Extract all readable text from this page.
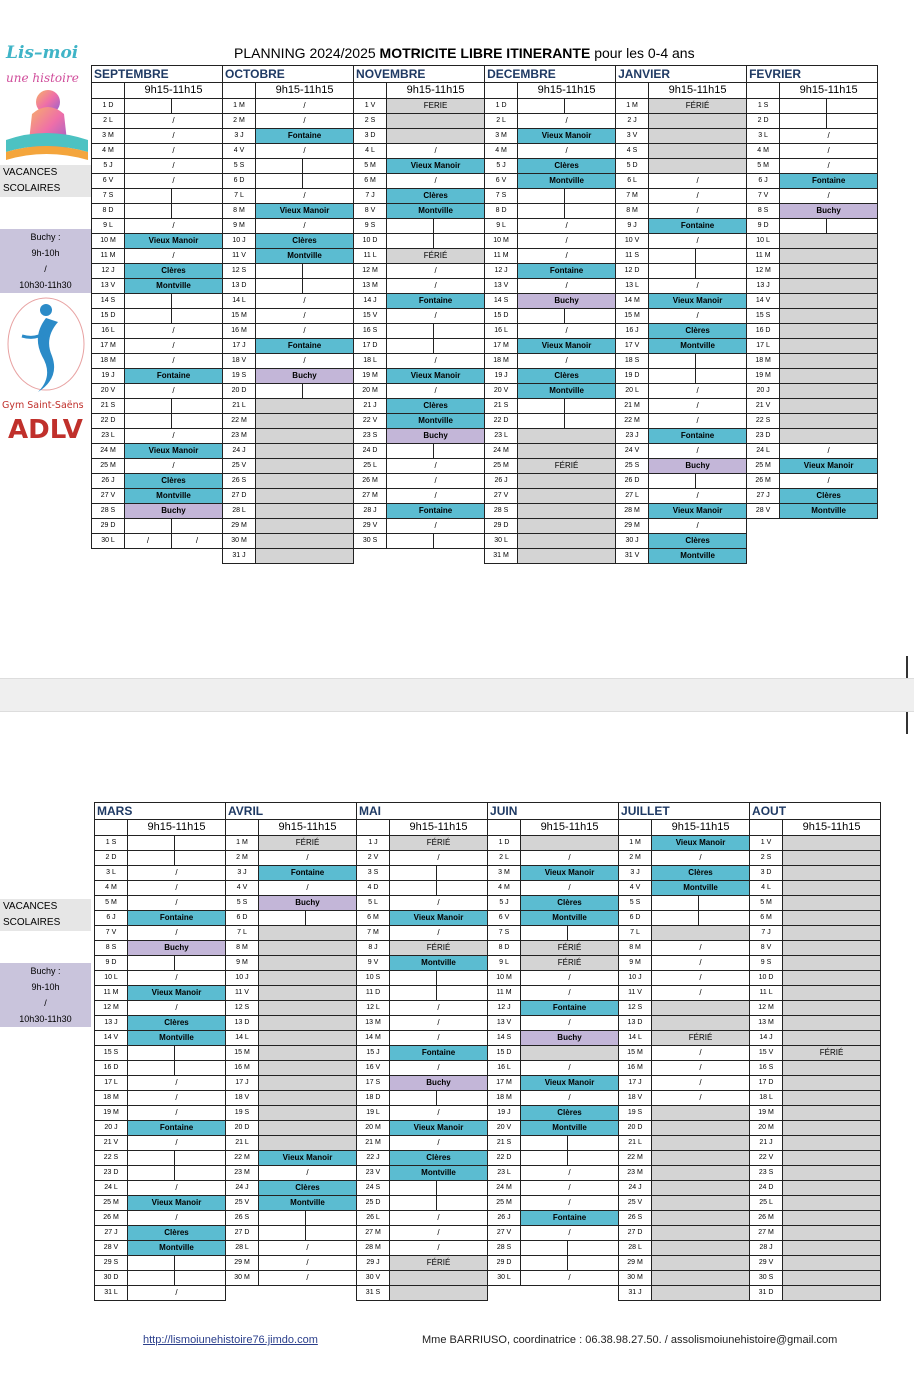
PLANNING 2024/2025 MOTRICITE LIBRE ITINERANTE pour les 0-4 ans
Lis–moi
une histoire
Gym Saint-Saëns
ADLV
VACANCES
SCOLAIRES
Buchy :
9h-10h
/
10h30-11h30
VACANCES
SCOLAIRES
Buchy :
9h-10h
/
10h30-11h30
SEPTEMBRE			OCTOBRE			NOVEMBRE			DECEMBRE			JANVIER			FEVRIER		
	9h15-11h15			9h15-11h15			9h15-11h15			9h15-11h15			9h15-11h15			9h15-11h15	
1 D			1 M	/		1 V	FERIE		1 D			1 M	FÉRIÉ		1 S		
2 L	/		2 M	/		2 S			2 L	/		2 J			2 D		
3 M	/		3 J	Fontaine		3 D			3 M	Vieux Manoir		3 V			3 L	/	
4 M	/		4 V	/		4 L	/		4 M	/		4 S			4 M	/	
5 J	/		5 S			5 M	Vieux Manoir		5 J	Clères		5 D			5 M	/	
6 V	/		6 D			6 M	/		6 V	Montville		6 L	/		6 J	Fontaine	
7 S			7 L	/		7 J	Clères		7 S			7 M	/		7 V	/	
8 D			8 M	Vieux Manoir		8 V	Montville		8 D			8 M	/		8 S	Buchy	
9 L	/		9 M	/		9 S			9 L	/		9 J	Fontaine		9 D		
10 M	Vieux Manoir		10 J	Clères		10 D			10 M	/		10 V	/		10 L		
11 M	/		11 V	Montville		11 L	FÉRIÉ		11 M	/		11 S			11 M		
12 J	Clères		12 S			12 M	/		12 J	Fontaine		12 D			12 M		
13 V	Montville		13 D			13 M	/		13 V	/		13 L	/		13 J		
14 S			14 L	/		14 J	Fontaine		14 S	Buchy		14 M	Vieux Manoir		14 V		
15 D			15 M	/		15 V	/		15 D			15 M	/		15 S		
16 L	/		16 M	/		16 S			16 L	/		16 J	Clères		16 D		
17 M	/		17 J	Fontaine		17 D			17 M	Vieux Manoir		17 V	Montville		17 L		
18 M	/		18 V	/		18 L	/		18 M	/		18 S			18 M		
19 J	Fontaine		19 S	Buchy		19 M	Vieux Manoir		19 J	Clères		19 D			19 M		
20 V	/		20 D			20 M	/		20 V	Montville		20 L	/		20 J		
21 S			21 L			21 J	Clères		21 S			21 M	/		21 V		
22 D			22 M			22 V	Montville		22 D			22 M	/		22 S		
23 L	/		23 M			23 S	Buchy		23 L			23 J	Fontaine		23 D		
24 M	Vieux Manoir		24 J			24 D			24 M			24 V	/		24 L	/	
25 M	/		25 V			25 L	/		25 M	FÉRIÉ		25 S	Buchy		25 M	Vieux Manoir	
26 J	Clères		26 S			26 M	/		26 J			26 D			26 M	/	
27 V	Montville		27 D			27 M	/		27 V			27 L	/		27 J	Clères	
28 S	Buchy		28 L			28 J	Fontaine		28 S			28 M	Vieux Manoir		28 V	Montville	
29 D			29 M			29 V	/		29 D			29 M	/				
30 L	/	/	30 M			30 S			30 L			30 J	Clères				
			31 J						31 M			31 V	Montville				
MARS			AVRIL			MAI			JUIN			JUILLET			AOUT	
	9h15-11h15			9h15-11h15			9h15-11h15			9h15-11h15			9h15-11h15			9h15-11h15
1 S			1 M	FÉRIÉ		1 J	FÉRIÉ		1 D			1 M	Vieux Manoir		1 V	
2 D			2 M	/		2 V	/		2 L	/		2 M	/		2 S	
3 L	/		3 J	Fontaine		3 S			3 M	Vieux Manoir		3 J	Clères		3 D	
4 M	/		4 V	/		4 D			4 M	/		4 V	Montville		4 L	
5 M	/		5 S	Buchy		5 L	/		5 J	Clères		5 S			5 M	
6 J	Fontaine		6 D			6 M	Vieux Manoir		6 V	Montville		6 D			6 M	
7 V	/		7 L			7 M	/		7 S			7 L			7 J	
8 S	Buchy		8 M			8 J	FÉRIÉ		8 D	FÉRIÉ		8 M	/		8 V	
9 D			9 M			9 V	Montville		9 L	FÉRIÉ		9 M	/		9 S	
10 L	/		10 J			10 S			10 M	/		10 J	/		10 D	
11 M	Vieux Manoir		11 V			11 D			11 M	/		11 V	/		11 L	
12 M	/		12 S			12 L	/		12 J	Fontaine		12 S			12 M	
13 J	Clères		13 D			13 M	/		13 V	/		13 D			13 M	
14 V	Montville		14 L			14 M	/		14 S	Buchy		14 L	FÉRIÉ		14 J	
15 S			15 M			15 J	Fontaine		15 D			15 M	/		15 V	FÉRIÉ
16 D			16 M			16 V	/		16 L	/		16 M	/		16 S	
17 L	/		17 J			17 S	Buchy		17 M	Vieux Manoir		17 J	/		17 D	
18 M	/		18 V			18 D			18 M	/		18 V	/		18 L	
19 M	/		19 S			19 L	/		19 J	Clères		19 S			19 M	
20 J	Fontaine		20 D			20 M	Vieux Manoir		20 V	Montville		20 D			20 M	
21 V	/		21 L			21 M	/		21 S			21 L			21 J	
22 S			22 M	Vieux Manoir		22 J	Clères		22 D			22 M			22 V	
23 D			23 M	/		23 V	Montville		23 L	/		23 M			23 S	
24 L	/		24 J	Clères		24 S			24 M	/		24 J			24 D	
25 M	Vieux Manoir		25 V	Montville		25 D			25 M	/		25 V			25 L	
26 M	/		26 S			26 L	/		26 J	Fontaine		26 S			26 M	
27 J	Clères		27 D			27 M	/		27 V	/		27 D			27 M	
28 V	Montville		28 L	/		28 M	/		28 S			28 L			28 J	
29 S			29 M	/		29 J	FÉRIÉ		29 D			29 M			29 V	
30 D			30 M	/		30 V			30 L	/		30 M			30 S	
31 L	/					31 S						31 J			31 D	
http://lismoiunehistoire76.jimdo.com	Mme BARRIUSO, coordinatrice : 06.38.98.27.50. / assolismoiunehistoire@gmail.com
